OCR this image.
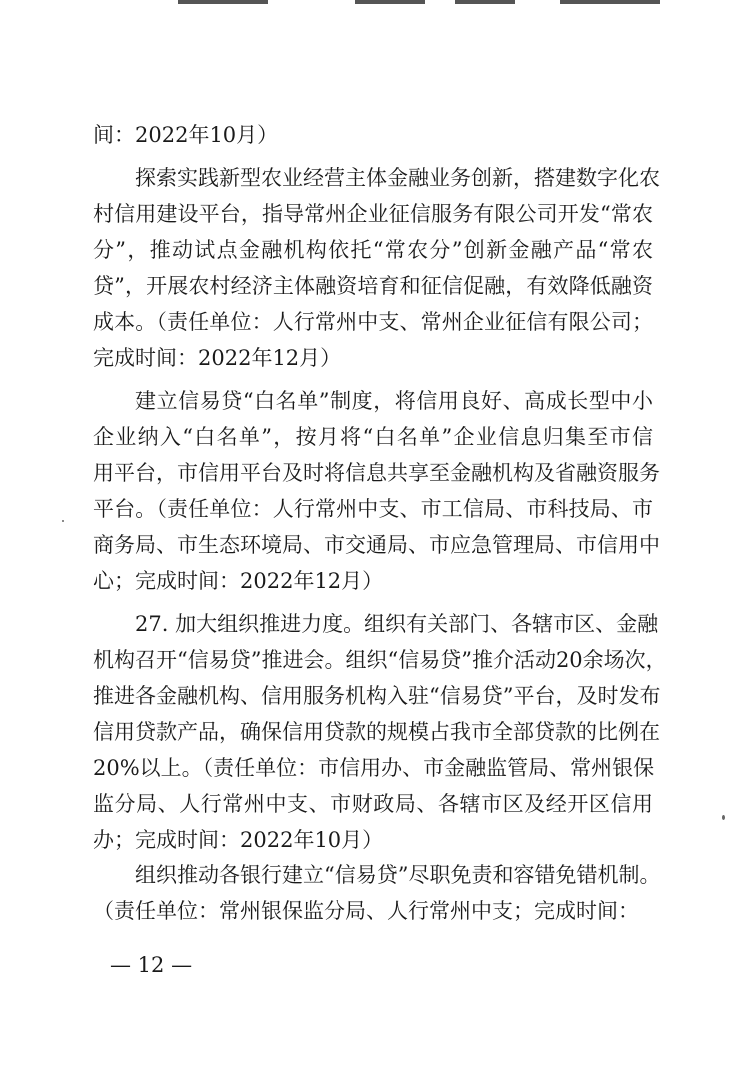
间：2022年10月）
探索实践新型农业经营主体金融业务创新，搭建数字化农
村信用建设平台，指导常州企业征信服务有限公司开发“常农
分”，推动试点金融机构依托“常农分”创新金融产品“常农
贷”，开展农村经济主体融资培育和征信促融，有效降低融资
成本。（责任单位：人行常州中支、常州企业征信有限公司；
完成时间：2022年12月）
建立信易贷“白名单”制度，将信用良好、高成长型中小
企业纳入“白名单”，按月将“白名单”企业信息归集至市信
用平台，市信用平台及时将信息共享至金融机构及省融资服务
平台。（责任单位：人行常州中支、市工信局、市科技局、市
商务局、市生态环境局、市交通局、市应急管理局、市信用中
心；完成时间：2022年12月）
27. 加大组织推进力度。组织有关部门、各辖市区、金融
机构召开“信易贷”推进会。组织“信易贷”推介活动20余场次，
推进各金融机构、信用服务机构入驻“信易贷”平台，及时发布
信用贷款产品，确保信用贷款的规模占我市全部贷款的比例在
20%以上。（责任单位：市信用办、市金融监管局、常州银保
监分局、人行常州中支、市财政局、各辖市区及经开区信用
办；完成时间：2022年10月）
组织推动各银行建立“信易贷”尽职免责和容错免错机制。
（责任单位：常州银保监分局、人行常州中支；完成时间：
— 12 —
